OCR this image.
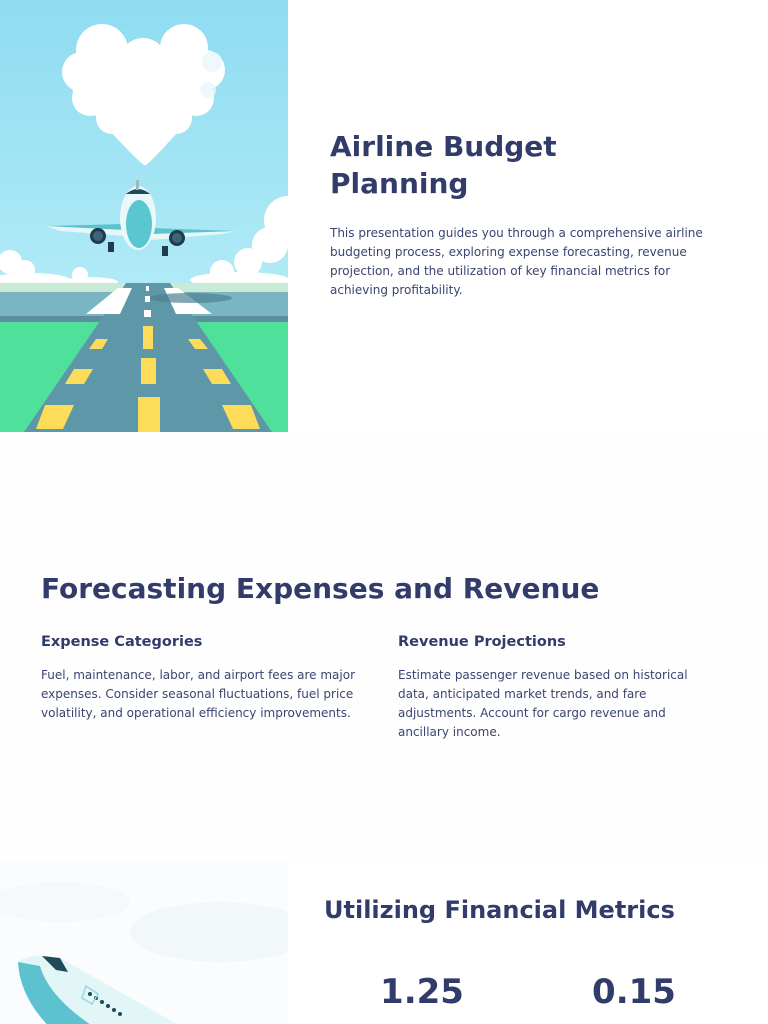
Airline Budget
Planning

This presentation guides you through a comprehensive airline budgeting process, exploring expense forecasting, revenue projection, and the utilization of key financial metrics for achieving profitability.

Forecasting Expenses and Revenue
Expense Categories

Fuel, maintenance, labor, and airport fees are major expenses. Consider seasonal fluctuations, fuel price volatility, and operational efficiency improvements.

Revenue Projections

Estimate passenger revenue based on historical data, anticipated market trends, and fare adjustments. Account for cargo revenue and ancillary income.

Utilizing Financial Metrics
1.25	0.15
